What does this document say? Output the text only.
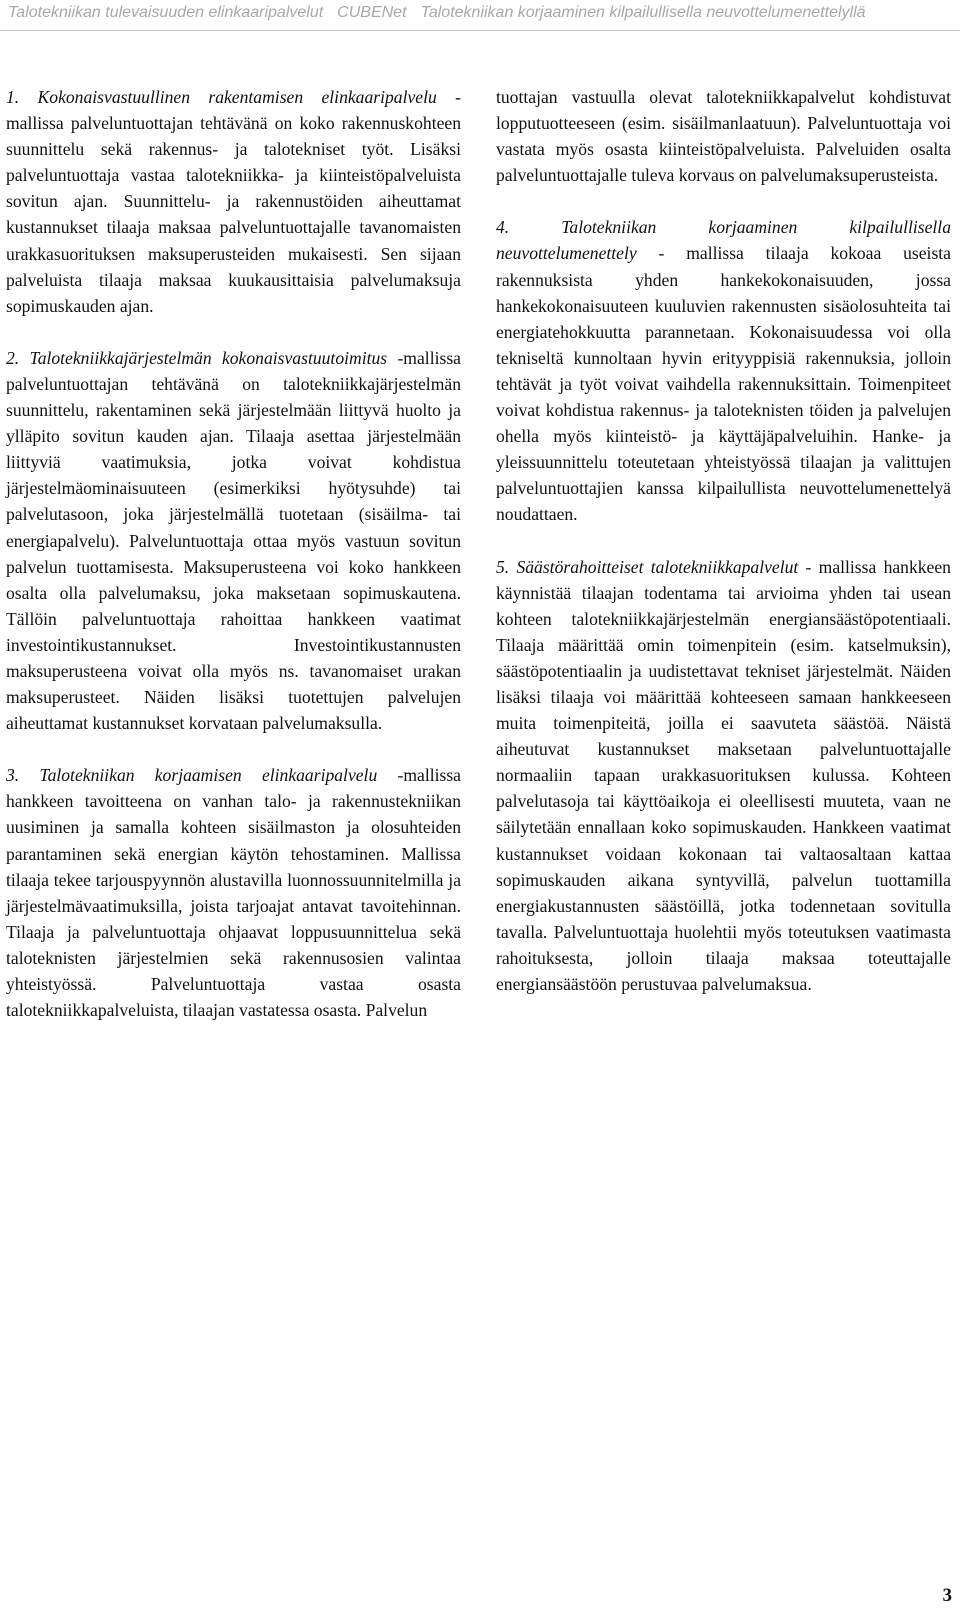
Talotekniikan tulevaisuuden elinkaaripalvelut CUBENet Talotekniikan korjaaminen kilpailullisella neuvottelumenettelyllä

1. Kokonaisvastuullinen rakentamisen elinkaaripalvelu -mallissa palveluntuottajan tehtävänä on koko rakennuskohteen suunnittelu sekä rakennus- ja talotekniset työt. Lisäksi palveluntuottaja vastaa talotekniikka- ja kiinteistöpalveluista sovitun ajan. Suunnittelu- ja rakennustöiden aiheuttamat kustannukset tilaaja maksaa palveluntuottajalle tavanomaisten urakkasuorituksen maksuperusteiden mukaisesti. Sen sijaan palveluista tilaaja maksaa kuukausittaisia palvelumaksuja sopimuskauden ajan.

2. Talotekniikkajärjestelmän kokonaisvastuutoimitus -mallissa palveluntuottajan tehtävänä on talotekniikkajärjestelmän suunnittelu, rakentaminen sekä järjestelmään liittyvä huolto ja ylläpito sovitun kauden ajan. Tilaaja asettaa järjestelmään liittyviä vaatimuksia, jotka voivat kohdistua järjestelmäominaisuuteen (esimerkiksi hyötysuhde) tai palvelutasoon, joka järjestelmällä tuotetaan (sisäilma- tai energiapalvelu). Palveluntuottaja ottaa myös vastuun sovitun palvelun tuottamisesta. Maksuperusteena voi koko hankkeen osalta olla palvelumaksu, joka maksetaan sopimuskautena. Tällöin palveluntuottaja rahoittaa hankkeen vaatimat investointikustannukset. Investointikustannusten maksuperusteena voivat olla myös ns. tavanomaiset urakan maksuperusteet. Näiden lisäksi tuotettujen palvelujen aiheuttamat kustannukset korvataan palvelumaksulla.

3. Talotekniikan korjaamisen elinkaaripalvelu -mallissa hankkeen tavoitteena on vanhan talo- ja rakennustekniikan uusiminen ja samalla kohteen sisäilmaston ja olosuhteiden parantaminen sekä energian käytön tehostaminen. Mallissa tilaaja tekee tarjouspyynnön alustavilla luonnossuunnitelmilla ja järjestelmävaatimuksilla, joista tarjoajat antavat tavoitehinnan. Tilaaja ja palveluntuottaja ohjaavat loppusuunnittelua sekä taloteknisten järjestelmien sekä rakennusosien valintaa yhteistyössä. Palveluntuottaja vastaa osasta talotekniikkapalveluista, tilaajan vastatessa osasta. Palvelun

tuottajan vastuulla olevat talotekniikkapalvelut kohdistuvat lopputuotteeseen (esim. sisäilmanlaatuun). Palveluntuottaja voi vastata myös osasta kiinteistöpalveluista. Palveluiden osalta palveluntuottajalle tuleva korvaus on palvelumaksuperusteista.

4. Talotekniikan korjaaminen kilpailullisella neuvottelumenettely - mallissa tilaaja kokoaa useista rakennuksista yhden hankekokonaisuuden, jossa hankekokonaisuuteen kuuluvien rakennusten sisäolosuhteita tai energiatehokkuutta parannetaan. Kokonaisuudessa voi olla tekniseltä kunnoltaan hyvin erityyppisiä rakennuksia, jolloin tehtävät ja työt voivat vaihdella rakennuksittain. Toimenpiteet voivat kohdistua rakennus- ja taloteknisten töiden ja palvelujen ohella myös kiinteistö- ja käyttäjäpalveluihin. Hanke- ja yleissuunnittelu toteutetaan yhteistyössä tilaajan ja valittujen palveluntuottajien kanssa kilpailullista neuvottelumenettelyä noudattaen.

5. Säästörahoitteiset talotekniikkapalvelut - mallissa hankkeen käynnistää tilaajan todentama tai arvioima yhden tai usean kohteen talotekniikkajärjestelmän energiansäästöpotentiaali. Tilaaja määrittää omin toimenpitein (esim. katselmuksin), säästöpotentiaalin ja uudistettavat tekniset järjestelmät. Näiden lisäksi tilaaja voi määrittää kohteeseen samaan hankkeeseen muita toimenpiteitä, joilla ei saavuteta säästöä. Näistä aiheutuvat kustannukset maksetaan palveluntuottajalle normaaliin tapaan urakkasuorituksen kulussa. Kohteen palvelutasoja tai käyttöaikoja ei oleellisesti muuteta, vaan ne säilytetään ennallaan koko sopimuskauden. Hankkeen vaatimat kustannukset voidaan kokonaan tai valtaosaltaan kattaa sopimuskauden aikana syntyvillä, palvelun tuottamilla energiakustannusten säästöillä, jotka todennetaan sovitulla tavalla. Palveluntuottaja huolehtii myös toteutuksen vaatimasta rahoituksesta, jolloin tilaaja maksaa toteuttajalle energiansäästöön perustuvaa palvelumaksua.

3
